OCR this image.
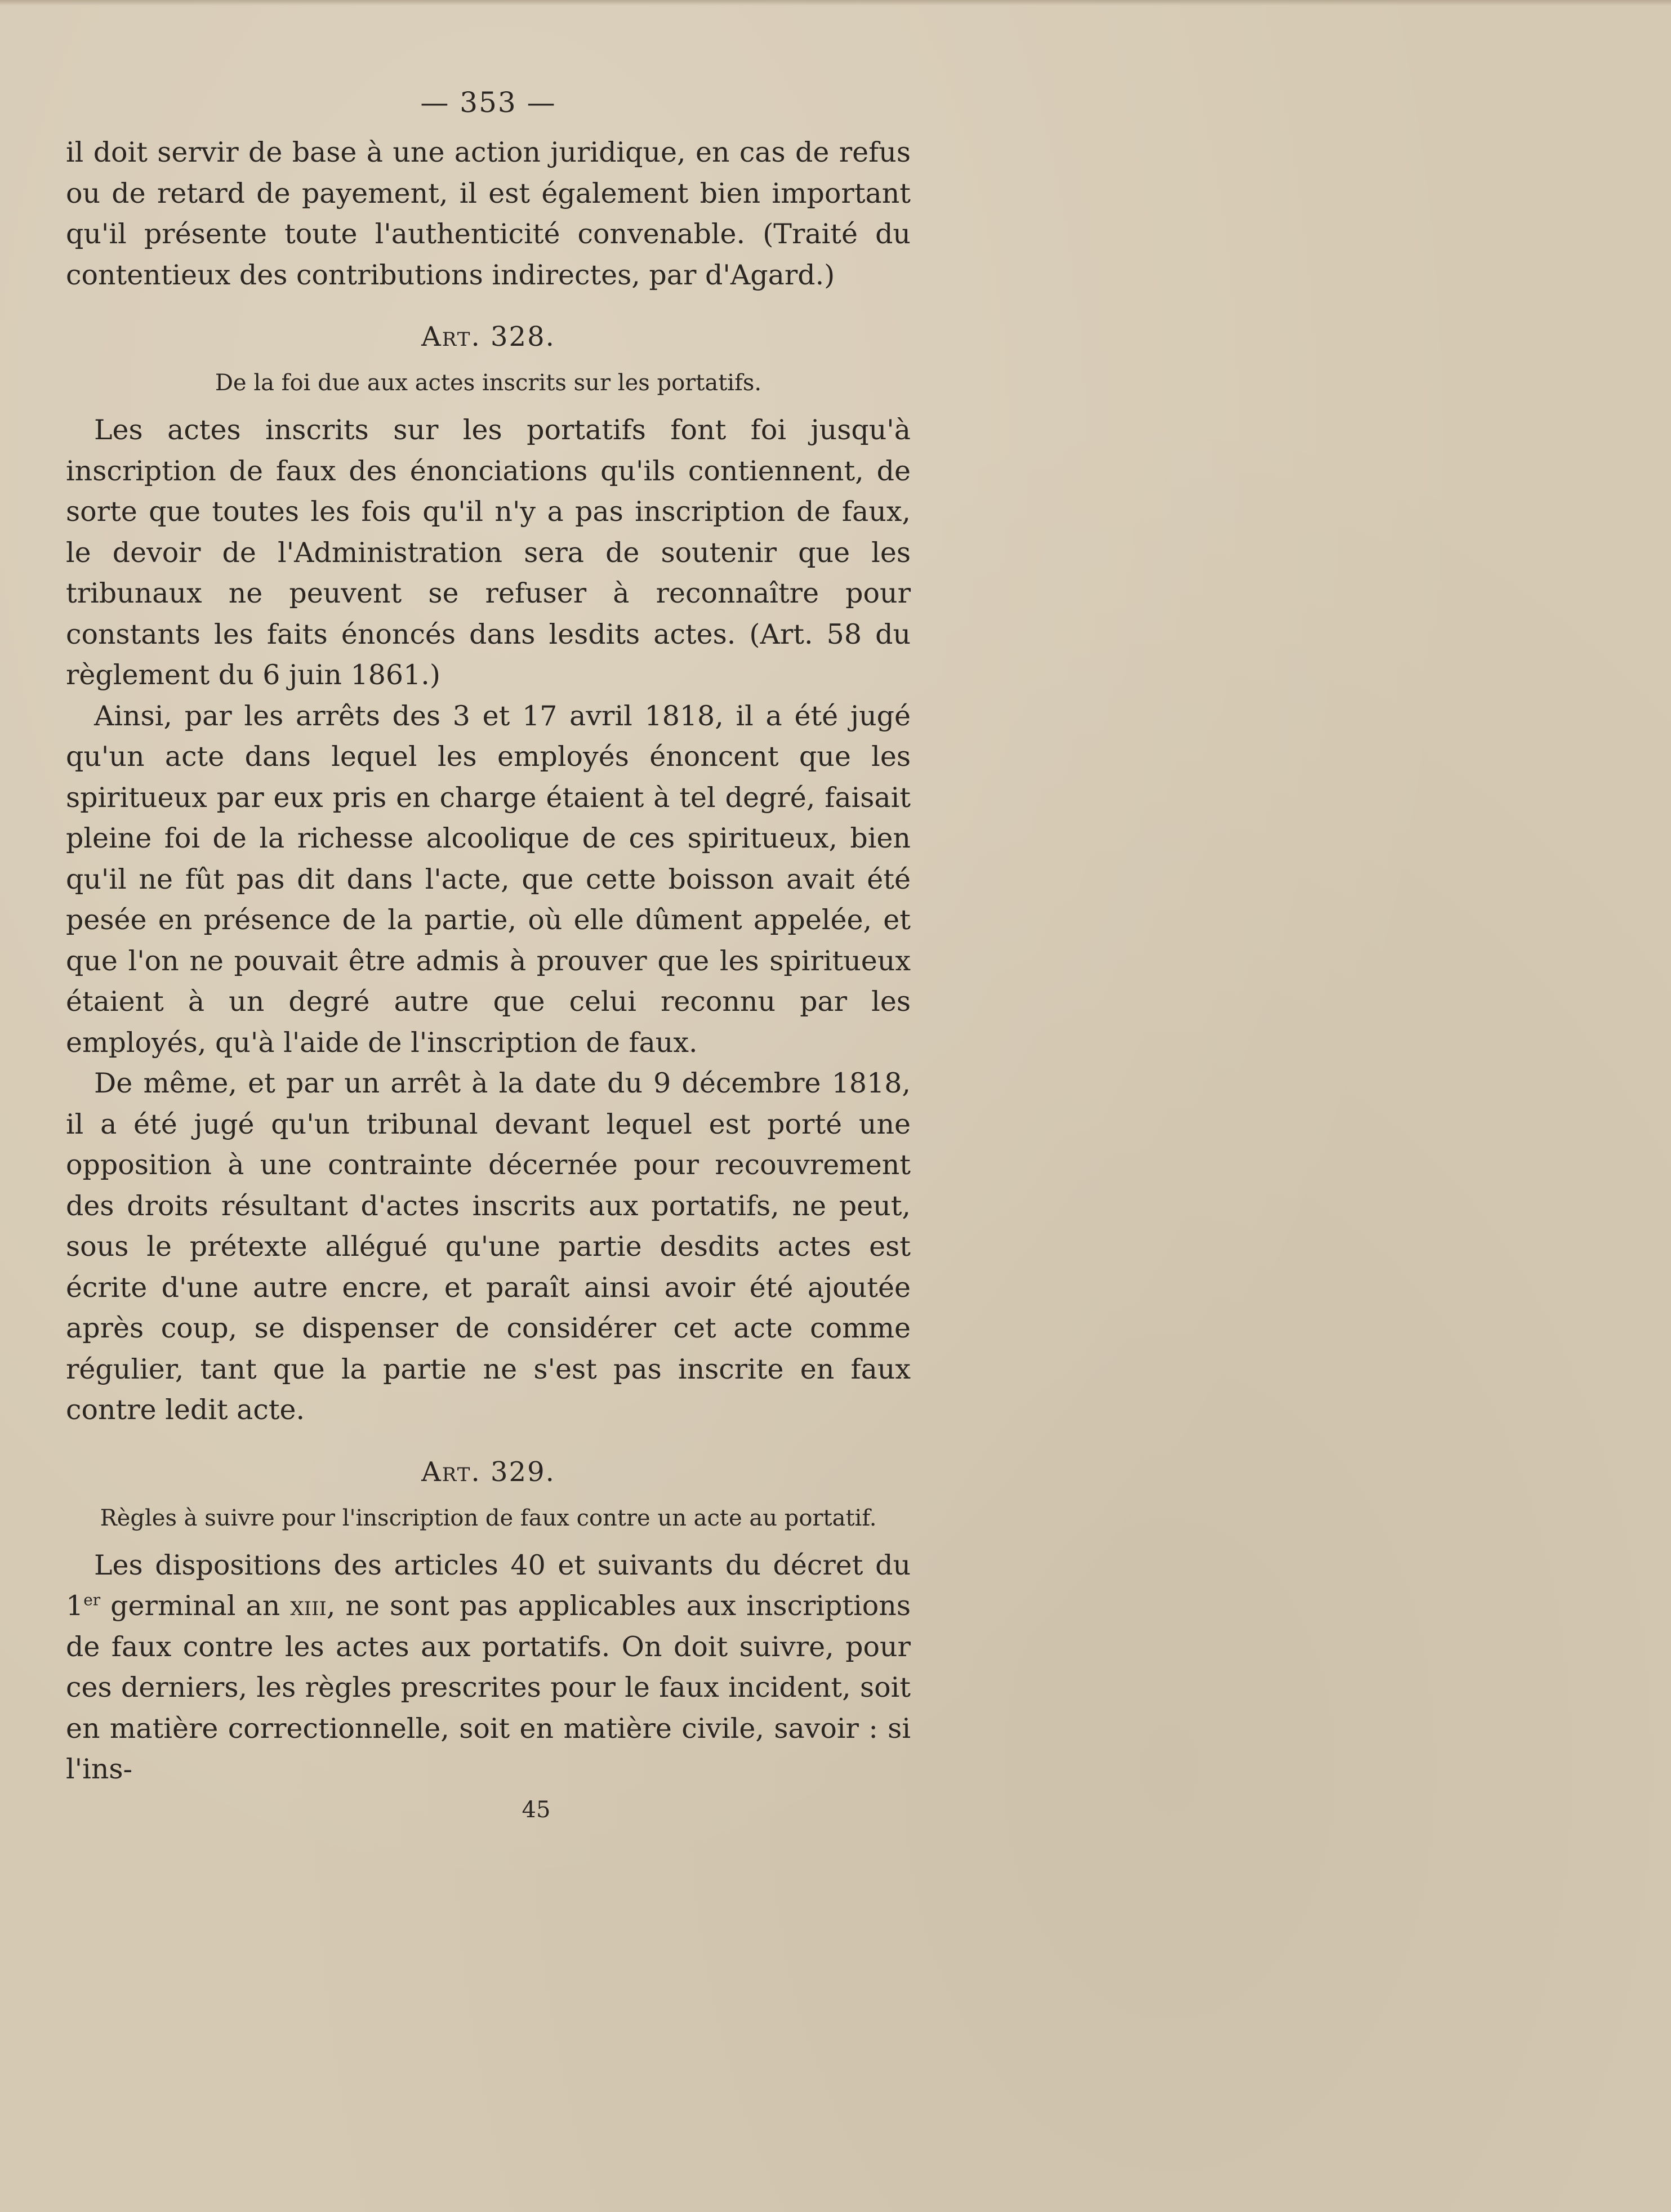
— 353 —

il doit servir de base à une action juridique, en cas de refus ou de retard de payement, il est également bien important qu'il présente toute l'authenticité convenable. (Traité du contentieux des contributions indirectes, par d'Agard.)

Art. 328.
De la foi due aux actes inscrits sur les portatifs.

Les actes inscrits sur les portatifs font foi jusqu'à inscription de faux des énonciations qu'ils contiennent, de sorte que toutes les fois qu'il n'y a pas inscription de faux, le devoir de l'Administration sera de soutenir que les tribunaux ne peuvent se refuser à reconnaître pour constants les faits énoncés dans lesdits actes. (Art. 58 du règlement du 6 juin 1861.)

Ainsi, par les arrêts des 3 et 17 avril 1818, il a été jugé qu'un acte dans lequel les employés énoncent que les spiritueux par eux pris en charge étaient à tel degré, faisait pleine foi de la richesse alcoolique de ces spiritueux, bien qu'il ne fût pas dit dans l'acte, que cette boisson avait été pesée en présence de la partie, où elle dûment appelée, et que l'on ne pouvait être admis à prouver que les spiritueux étaient à un degré autre que celui reconnu par les employés, qu'à l'aide de l'inscription de faux.

De même, et par un arrêt à la date du 9 décembre 1818, il a été jugé qu'un tribunal devant lequel est porté une opposition à une contrainte décernée pour recouvrement des droits résultant d'actes inscrits aux portatifs, ne peut, sous le prétexte allégué qu'une partie desdits actes est écrite d'une autre encre, et paraît ainsi avoir été ajoutée après coup, se dispenser de considérer cet acte comme régulier, tant que la partie ne s'est pas inscrite en faux contre ledit acte.

Art. 329.
Règles à suivre pour l'inscription de faux contre un acte au portatif.

Les dispositions des articles 40 et suivants du décret du 1er germinal an xiii, ne sont pas applicables aux inscriptions de faux contre les actes aux portatifs. On doit suivre, pour ces derniers, les règles prescrites pour le faux incident, soit en matière correctionnelle, soit en matière civile, savoir : si l'ins-

45
